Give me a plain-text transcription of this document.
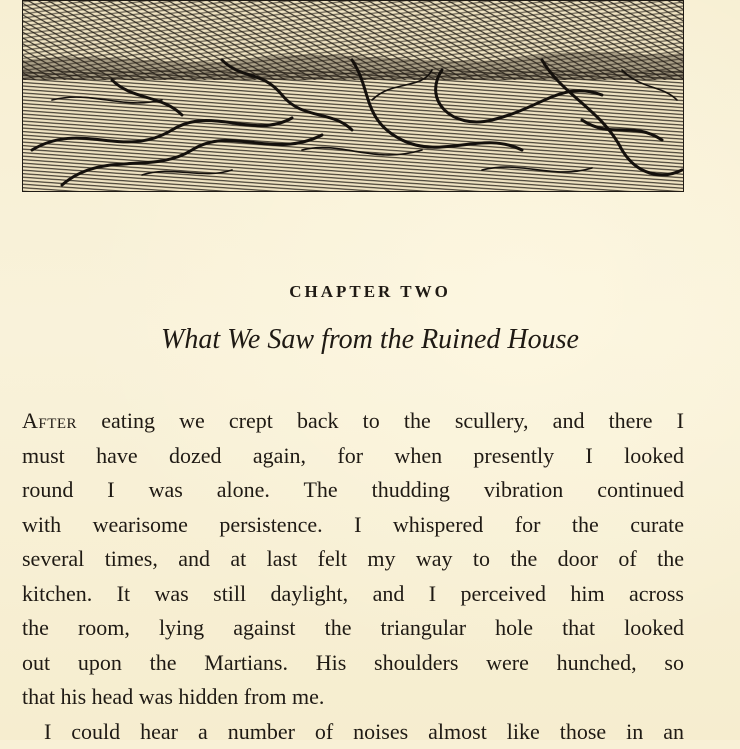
CHAPTER TWO
What We Saw from the Ruined House
After eating we crept back to the scullery, and there I
must have dozed again, for when presently I looked
round I was alone. The thudding vibration continued
with wearisome persistence. I whispered for the curate
several times, and at last felt my way to the door of the
kitchen. It was still daylight, and I perceived him across
the room, lying against the triangular hole that looked
out upon the Martians. His shoulders were hunched, so
that his head was hidden from me.
I could hear a number of noises almost like those in an
